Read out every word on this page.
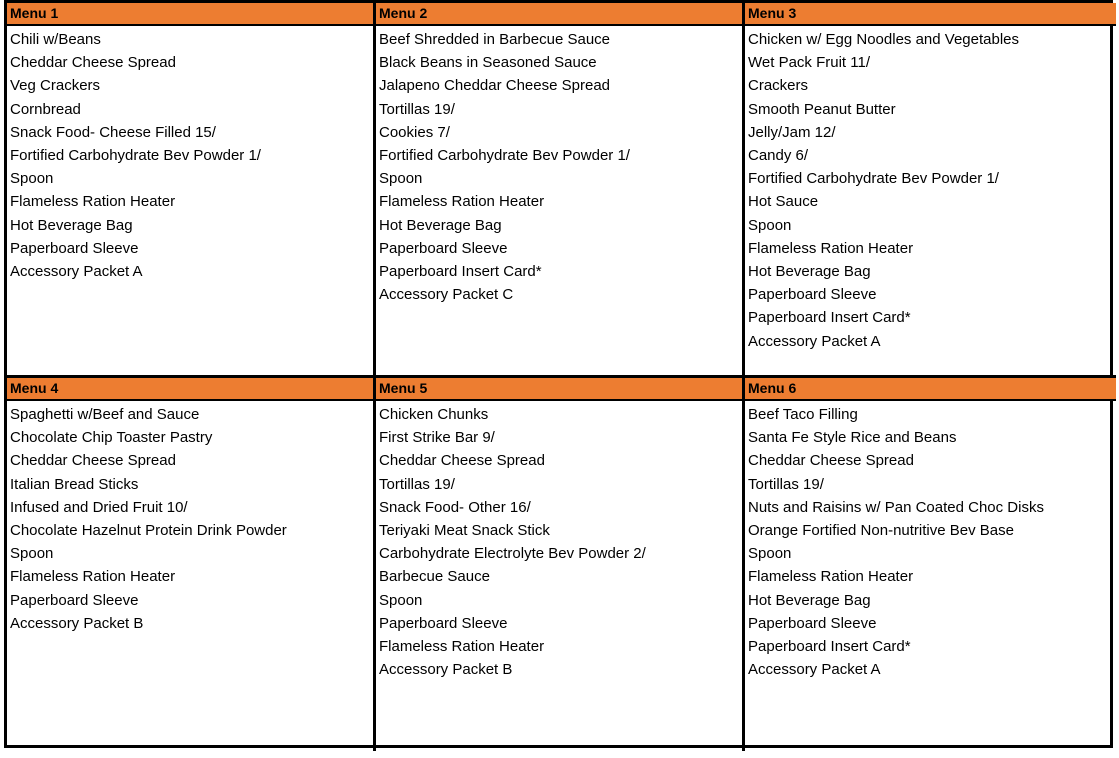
Menu 1
Chili w/Beans
Cheddar Cheese Spread
Veg Crackers
Cornbread
Snack Food- Cheese Filled 15/
Fortified Carbohydrate Bev Powder 1/
Spoon
Flameless Ration Heater
Hot Beverage Bag
Paperboard Sleeve
Accessory Packet A
Menu 2
Beef Shredded in Barbecue Sauce
Black Beans in Seasoned Sauce
Jalapeno Cheddar Cheese Spread
Tortillas 19/
Cookies 7/
Fortified Carbohydrate Bev Powder 1/
Spoon
Flameless Ration Heater
Hot Beverage Bag
Paperboard Sleeve
Paperboard Insert Card*
Accessory Packet C
Menu 3
Chicken w/ Egg Noodles and Vegetables
Wet Pack Fruit 11/
Crackers
Smooth Peanut Butter
Jelly/Jam 12/
Candy 6/
Fortified Carbohydrate Bev Powder 1/
Hot Sauce
Spoon
Flameless Ration Heater
Hot Beverage Bag
Paperboard Sleeve
Paperboard Insert Card*
Accessory Packet A
Menu 4
Spaghetti w/Beef and Sauce
Chocolate Chip Toaster Pastry
Cheddar Cheese Spread
Italian Bread Sticks
Infused and Dried Fruit 10/
Chocolate Hazelnut Protein Drink Powder
Spoon
Flameless Ration Heater
Paperboard Sleeve
Accessory Packet B
Menu 5
Chicken Chunks
First Strike Bar 9/
Cheddar Cheese Spread
Tortillas 19/
Snack Food- Other 16/
Teriyaki Meat Snack Stick
Carbohydrate Electrolyte Bev Powder 2/
Barbecue Sauce
Spoon
Paperboard Sleeve
Flameless Ration Heater
Accessory Packet B
Menu 6
Beef Taco Filling
Santa Fe Style Rice and Beans
Cheddar Cheese Spread
Tortillas 19/
Nuts and Raisins w/ Pan Coated Choc Disks
Orange Fortified Non-nutritive Bev Base
Spoon
Flameless Ration Heater
Hot Beverage Bag
Paperboard Sleeve
Paperboard Insert Card*
Accessory Packet A
